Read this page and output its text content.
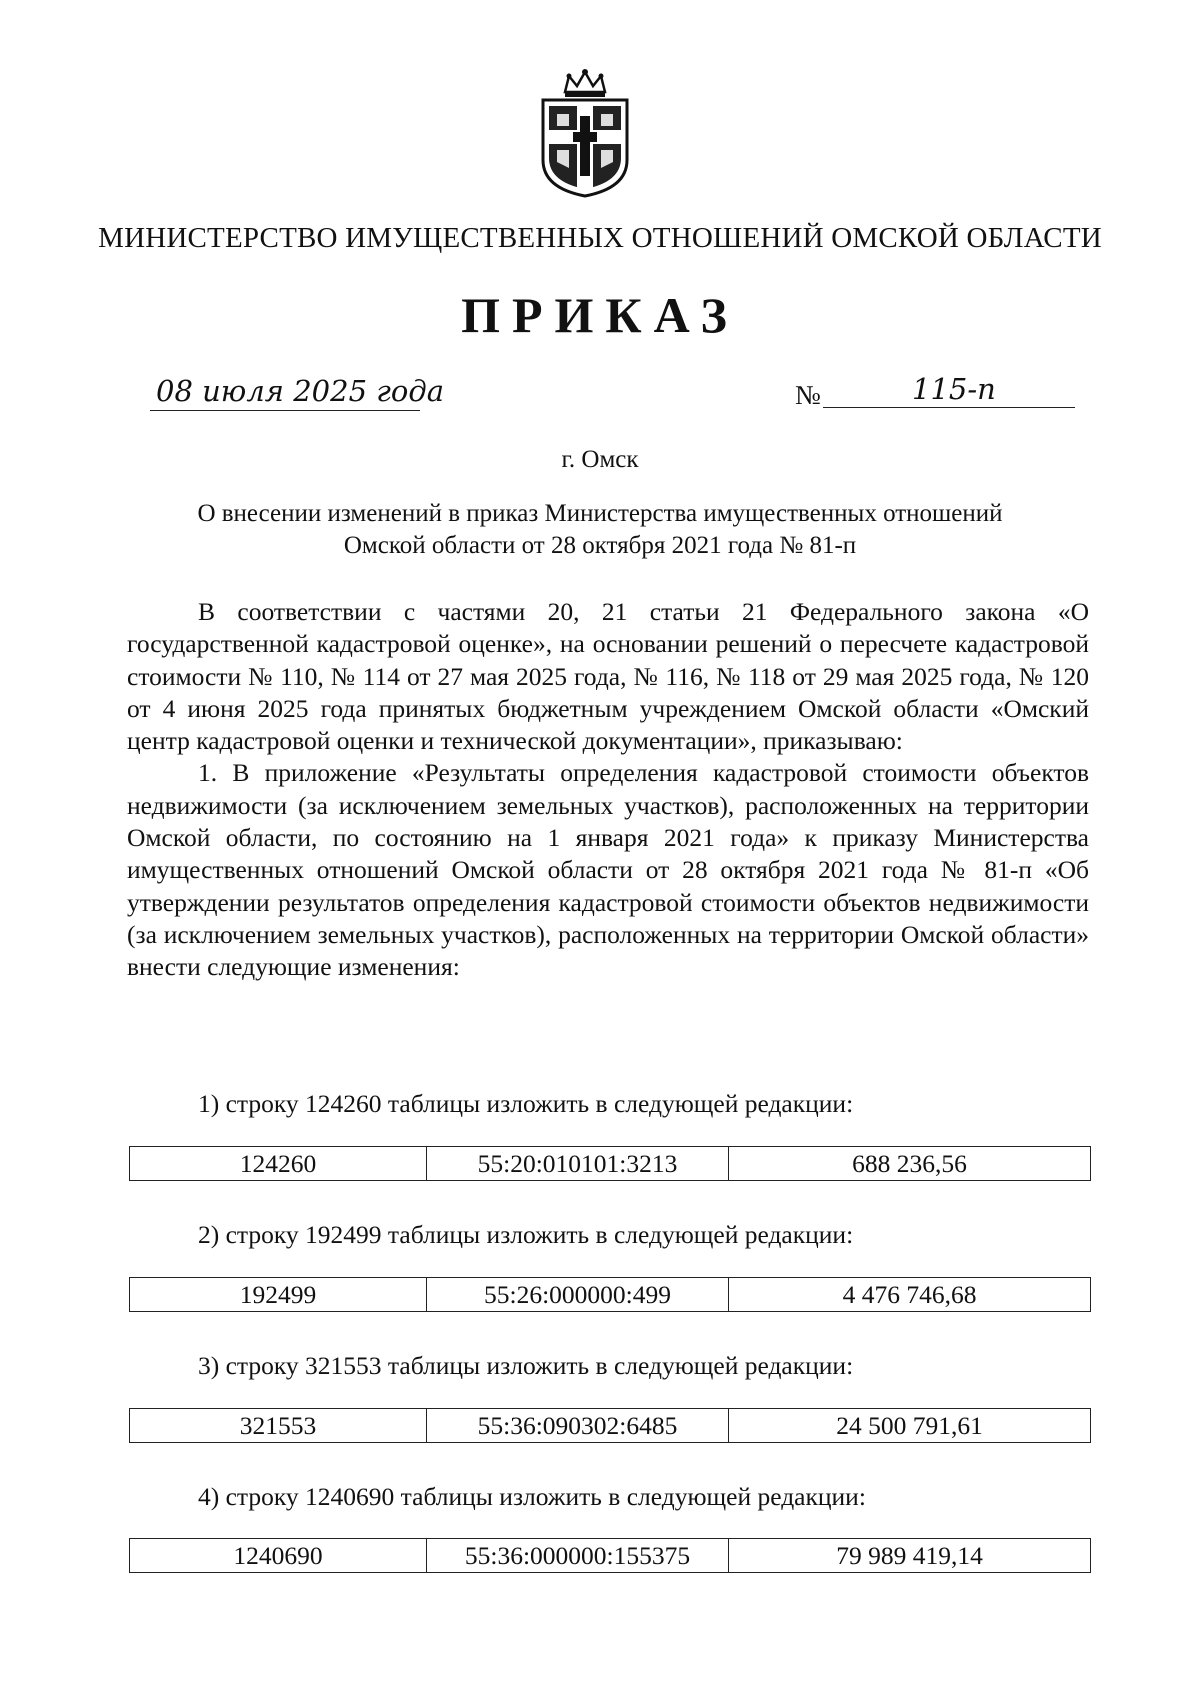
МИНИСТЕРСТВО ИМУЩЕСТВЕННЫХ ОТНОШЕНИЙ ОМСКОЙ ОБЛАСТИ
ПРИКАЗ
08 июля 2025 года	№	115-п
г. Омск
О внесении изменений в приказ Министерства имущественных отношений
Омской области от 28 октября 2021 года № 81-п

В соответствии с частями 20, 21 статьи 21 Федерального закона «О государственной кадастровой оценке», на основании решений о пересчете кадастровой стоимости № 110, № 114 от 27 мая 2025 года, № 116, № 118 от 29 мая 2025 года, № 120 от 4 июня 2025 года принятых бюджетным учреждением Омской области «Омский центр кадастровой оценки и технической документации», приказываю:

1. В приложение «Результаты определения кадастровой стоимости объектов недвижимости (за исключением земельных участков), расположенных на территории Омской области, по состоянию на 1 января 2021 года» к приказу Министерства имущественных отношений Омской области от 28 октября 2021 года № 81-п «Об утверждении результатов определения кадастровой стоимости объектов недвижимости (за исключением земельных участков), расположенных на территории Омской области» внести следующие изменения:

1) строку 124260 таблицы изложить в следующей редакции:
124260	55:20:010101:3213	688 236,56
2) строку 192499 таблицы изложить в следующей редакции:
192499	55:26:000000:499	4 476 746,68
3) строку 321553 таблицы изложить в следующей редакции:
321553	55:36:090302:6485	24 500 791,61
4) строку 1240690 таблицы изложить в следующей редакции:
1240690	55:36:000000:155375	79 989 419,14
